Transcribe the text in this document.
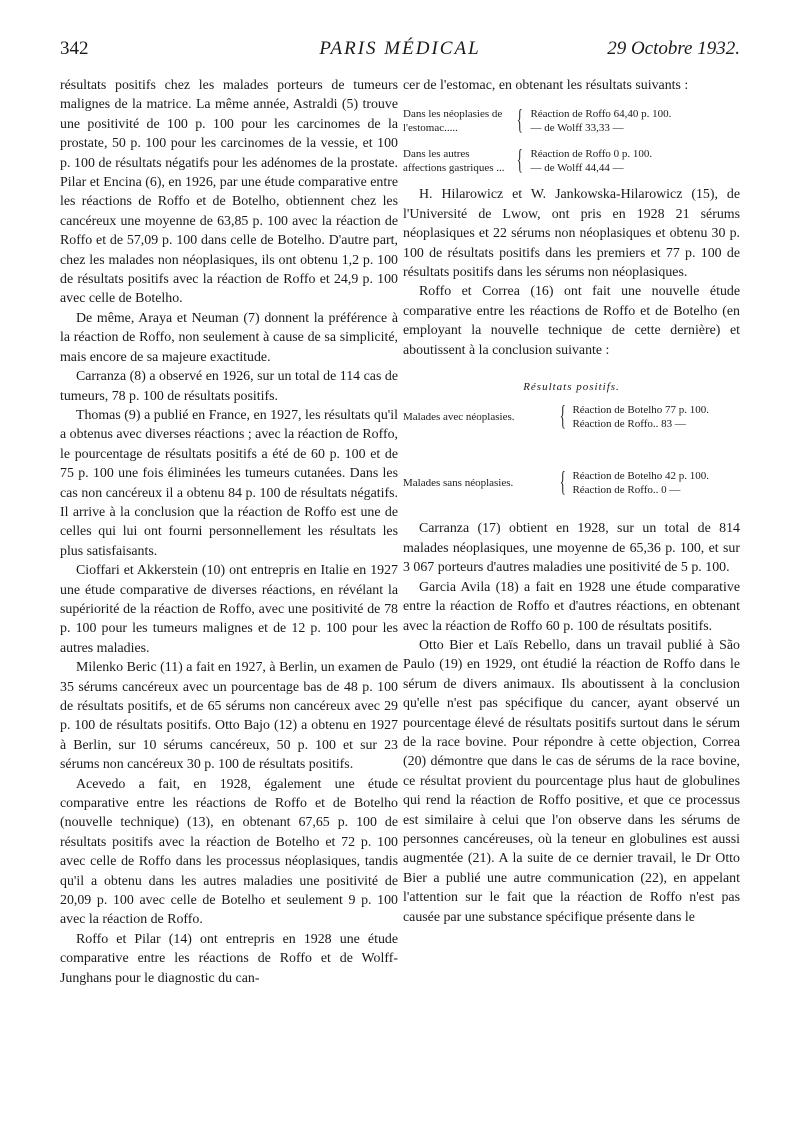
342	PARIS MÉDICAL	29 Octobre 1932.

résultats positifs chez les malades porteurs de tumeurs malignes de la matrice. La même année, Astraldi (5) trouve une positivité de 100 p. 100 pour les carcinomes de la prostate, 50 p. 100 pour les carcinomes de la vessie, et 100 p. 100 de résultats négatifs pour les adénomes de la prostate. Pilar et Encina (6), en 1926, par une étude comparative entre les réactions de Roffo et de Botelho, obtiennent chez les cancéreux une moyenne de 63,85 p. 100 avec la réaction de Roffo et de 57,09 p. 100 dans celle de Botelho. D'autre part, chez les malades non néoplasiques, ils ont obtenu 1,2 p. 100 de résultats positifs avec la réaction de Roffo et 24,9 p. 100 avec celle de Botelho.

De même, Araya et Neuman (7) donnent la préférence à la réaction de Roffo, non seulement à cause de sa simplicité, mais encore de sa majeure exactitude.

Carranza (8) a observé en 1926, sur un total de 114 cas de tumeurs, 78 p. 100 de résultats positifs.

Thomas (9) a publié en France, en 1927, les résultats qu'il a obtenus avec diverses réactions ; avec la réaction de Roffo, le pourcentage de résultats positifs a été de 60 p. 100 et de 75 p. 100 une fois éliminées les tumeurs cutanées. Dans les cas non cancéreux il a obtenu 84 p. 100 de résultats négatifs. Il arrive à la conclusion que la réaction de Roffo est une de celles qui lui ont fourni personnellement les résultats les plus satisfaisants.

Cioffari et Akkerstein (10) ont entrepris en Italie en 1927 une étude comparative de diverses réactions, en révélant la supériorité de la réaction de Roffo, avec une positivité de 78 p. 100 pour les tumeurs malignes et de 12 p. 100 pour les autres maladies.

Milenko Beric (11) a fait en 1927, à Berlin, un examen de 35 sérums cancéreux avec un pourcentage bas de 48 p. 100 de résultats positifs, et de 65 sérums non cancéreux avec 29 p. 100 de résultats positifs. Otto Bajo (12) a obtenu en 1927 à Berlin, sur 10 sérums cancéreux, 50 p. 100 et sur 23 sérums non cancéreux 30 p. 100 de résultats positifs.

Acevedo a fait, en 1928, également une étude comparative entre les réactions de Roffo et de Botelho (nouvelle technique) (13), en obtenant 67,65 p. 100 de résultats positifs avec la réaction de Botelho et 72 p. 100 avec celle de Roffo dans les processus néoplasiques, tandis qu'il a obtenu dans les autres maladies une positivité de 20,09 p. 100 avec celle de Botelho et seulement 9 p. 100 avec la réaction de Roffo.

Roffo et Pilar (14) ont entrepris en 1928 une étude comparative entre les réactions de Roffo et de Wolff-Junghans pour le diagnostic du can-

cer de l'estomac, en obtenant les résultats suivants :

Dans les néoplasies de l'estomac.....	{ Réaction de Roffo 64,40 p. 100.
— de Wolff 33,33 —
Dans les autres affections gastriques ... { Réaction de Roffo 0 p. 100.
— de Wolff 44,44 —

H. Hilarowicz et W. Jankowska-Hilarowicz (15), de l'Université de Lwow, ont pris en 1928 21 sérums néoplasiques et 22 sérums non néoplasiques et obtenu 30 p. 100 de résultats positifs dans les premiers et 77 p. 100 de résultats positifs dans les sérums non néoplasiques.

Roffo et Correa (16) ont fait une nouvelle étude comparative entre les réactions de Roffo et de Botelho (en employant la nouvelle technique de cette dernière) et aboutissent à la conclusion suivante :

Résultats positifs.
Malades avec néoplasies.	{ Réaction de Botelho 77 p. 100.
Réaction de Roffo.. 83 —
Malades sans néoplasies.	{ Réaction de Botelho 42 p. 100.
Réaction de Roffo.. 0 —

Carranza (17) obtient en 1928, sur un total de 814 malades néoplasiques, une moyenne de 65,36 p. 100, et sur 3 067 porteurs d'autres maladies une positivité de 5 p. 100.

Garcia Avila (18) a fait en 1928 une étude comparative entre la réaction de Roffo et d'autres réactions, en obtenant avec la réaction de Roffo 60 p. 100 de résultats positifs.

Otto Bier et Laïs Rebello, dans un travail publié à São Paulo (19) en 1929, ont étudié la réaction de Roffo dans le sérum de divers animaux. Ils aboutissent à la conclusion qu'elle n'est pas spécifique du cancer, ayant observé un pourcentage élevé de résultats positifs surtout dans le sérum de la race bovine. Pour répondre à cette objection, Correa (20) démontre que dans le cas de sérums de la race bovine, ce résultat provient du pourcentage plus haut de globulines qui rend la réaction de Roffo positive, et que ce processus est similaire à celui que l'on observe dans les sérums de personnes cancéreuses, où la teneur en globulines est aussi augmentée (21). A la suite de ce dernier travail, le Dr Otto Bier a publié une autre communication (22), en appelant l'attention sur le fait que la réaction de Roffo n'est pas causée par une substance spécifique présente dans le
